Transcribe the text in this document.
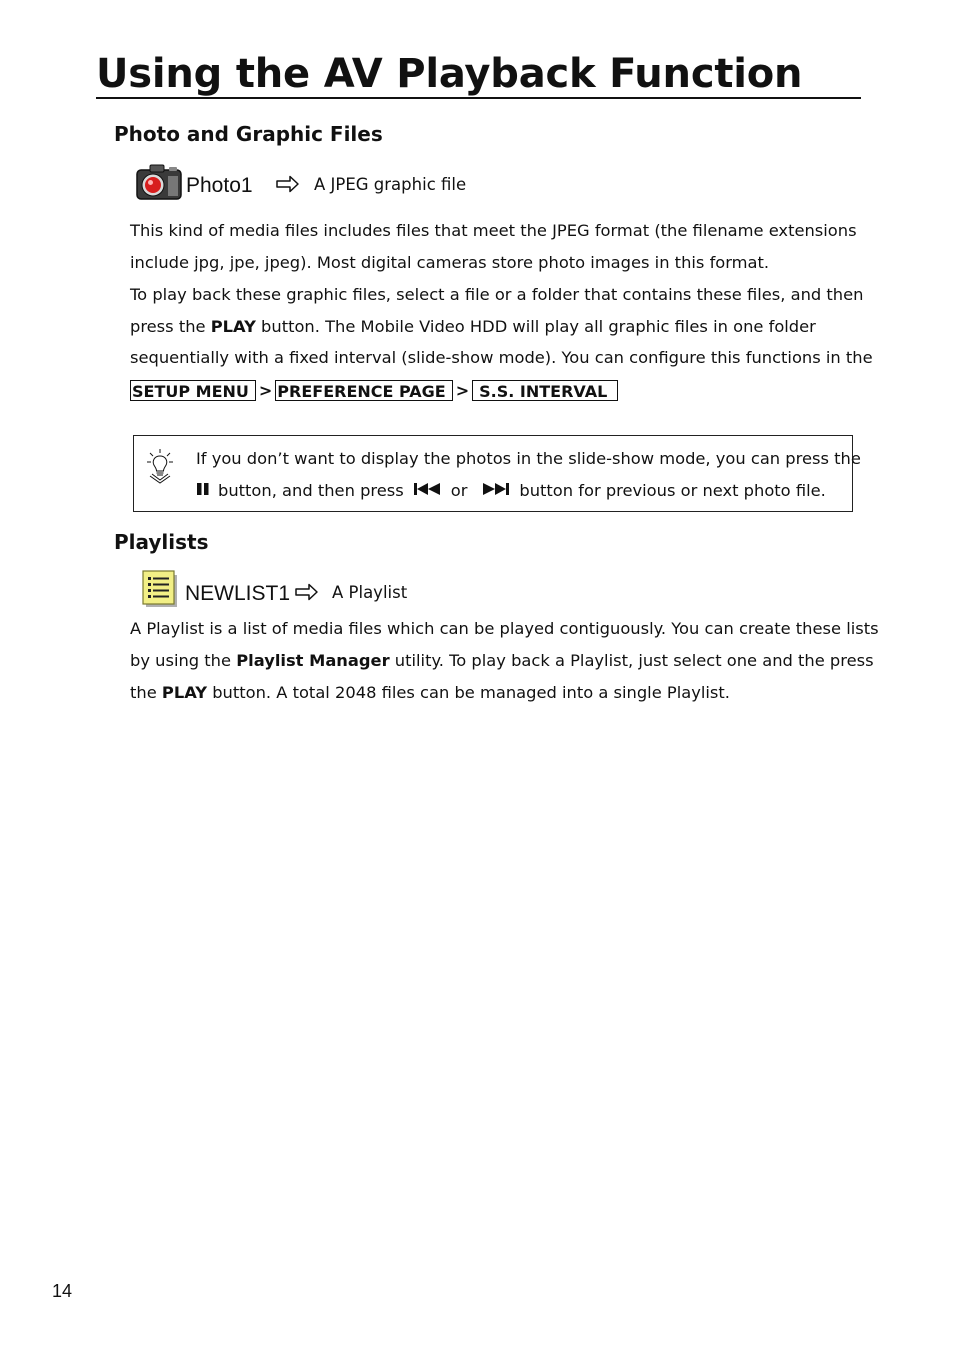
Using the AV Playback Function
Photo and Graphic Files
Photo1	A JPEG graphic file
This kind of media files includes files that meet the JPEG format (the filename extensions
include jpg, jpe, jpeg). Most digital cameras store photo images in this format.
To play back these graphic files, select a file or a folder that contains these files, and then
press the PLAY button. The Mobile Video HDD will play all graphic files in one folder
sequentially with a fixed interval (slide-show mode). You can configure this functions in the
SETUP MENU > PREFERENCE PAGE > S.S. INTERVAL
If you don’t want to display the photos in the slide-show mode, you can press the
button, and then press	or	button for previous or next photo file.
Playlists
NEWLIST1	A Playlist
A Playlist is a list of media files which can be played contiguously. You can create these lists
by using the Playlist Manager utility. To play back a Playlist, just select one and the press
the PLAY button. A total 2048 files can be managed into a single Playlist.
14
